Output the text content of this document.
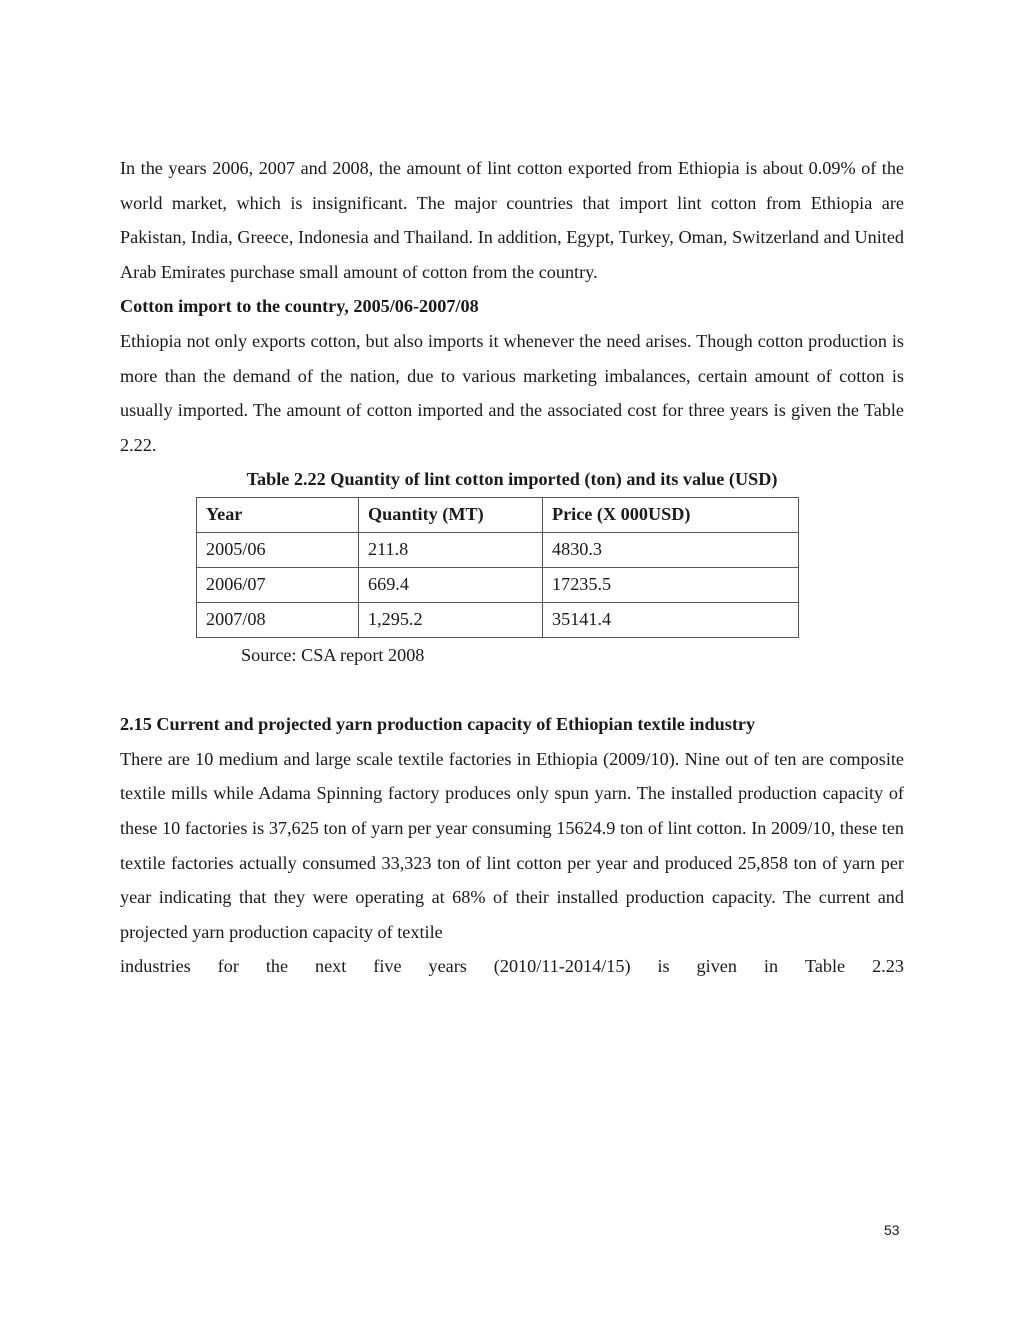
In the years 2006, 2007 and 2008, the amount of lint cotton exported from Ethiopia is about 0.09% of the world market, which is insignificant. The major countries that import lint cotton from Ethiopia are Pakistan, India, Greece, Indonesia and Thailand. In addition, Egypt, Turkey, Oman, Switzerland and United Arab Emirates purchase small amount of cotton from the country.

Cotton import to the country, 2005/06-2007/08

Ethiopia not only exports cotton, but also imports it whenever the need arises. Though cotton production is more than the demand of the nation, due to various marketing imbalances, certain amount of cotton is usually imported. The amount of cotton imported and the associated cost for three years is given the Table 2.22.

Table 2.22 Quantity of lint cotton imported (ton) and its value (USD)

Year	Quantity (MT)	Price (X 000USD)
2005/06	211.8	4830.3
2006/07	669.4	17235.5
2007/08	1,295.2	35141.4

Source: CSA report 2008

2.15 Current and projected yarn production capacity of Ethiopian textile industry

There are 10 medium and large scale textile factories in Ethiopia (2009/10). Nine out of ten are composite textile mills while Adama Spinning factory produces only spun yarn. The installed production capacity of these 10 factories is 37,625 ton of yarn per year consuming 15624.9 ton of lint cotton. In 2009/10, these ten textile factories actually consumed 33,323 ton of lint cotton per year and produced 25,858 ton of yarn per year indicating that they were operating at 68% of their installed production capacity. The current and projected yarn production capacity of textile

industries for the next five years (2010/11-2014/15) is given in Table 2.23
53
